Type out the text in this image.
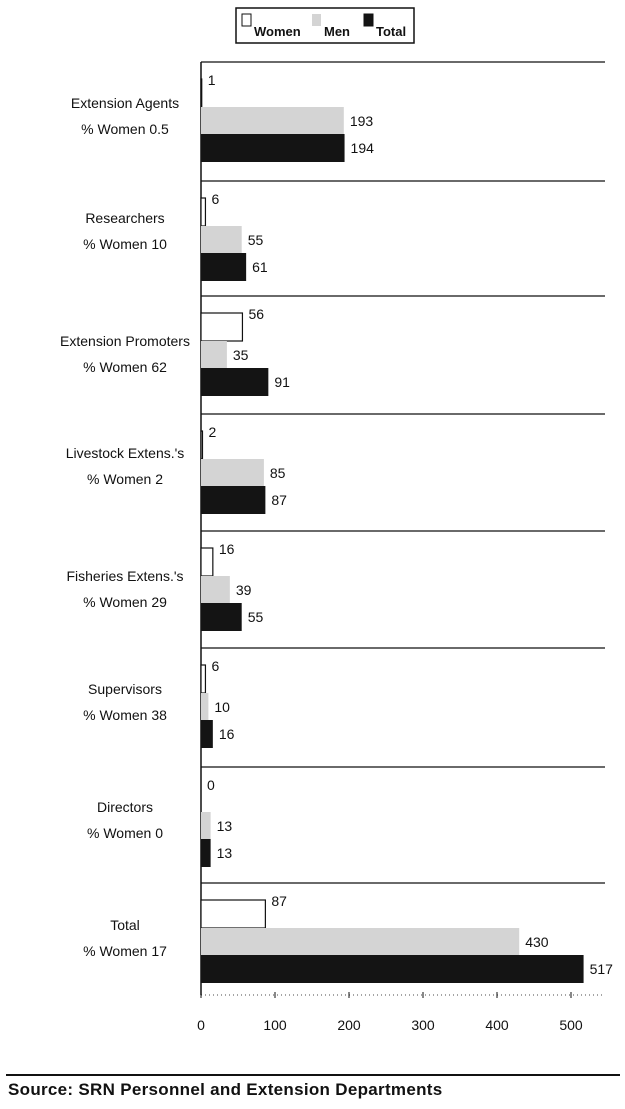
Women Men Total
1
193
194
Extension Agents
% Women 0.5
6
55
61
Researchers
% Women 10
56
35
91
Extension Promoters
% Women 62
2
85
87
Livestock Extens.'s
% Women 2
16
39
55
Fisheries Extens.'s
% Women 29
6
10
16
Supervisors
% Women 38
0
13
13
Directors
% Women 0
87
430
517
Total
% Women 17
0	100	200	300	400	500
Source: SRN Personnel and Extension Departments
